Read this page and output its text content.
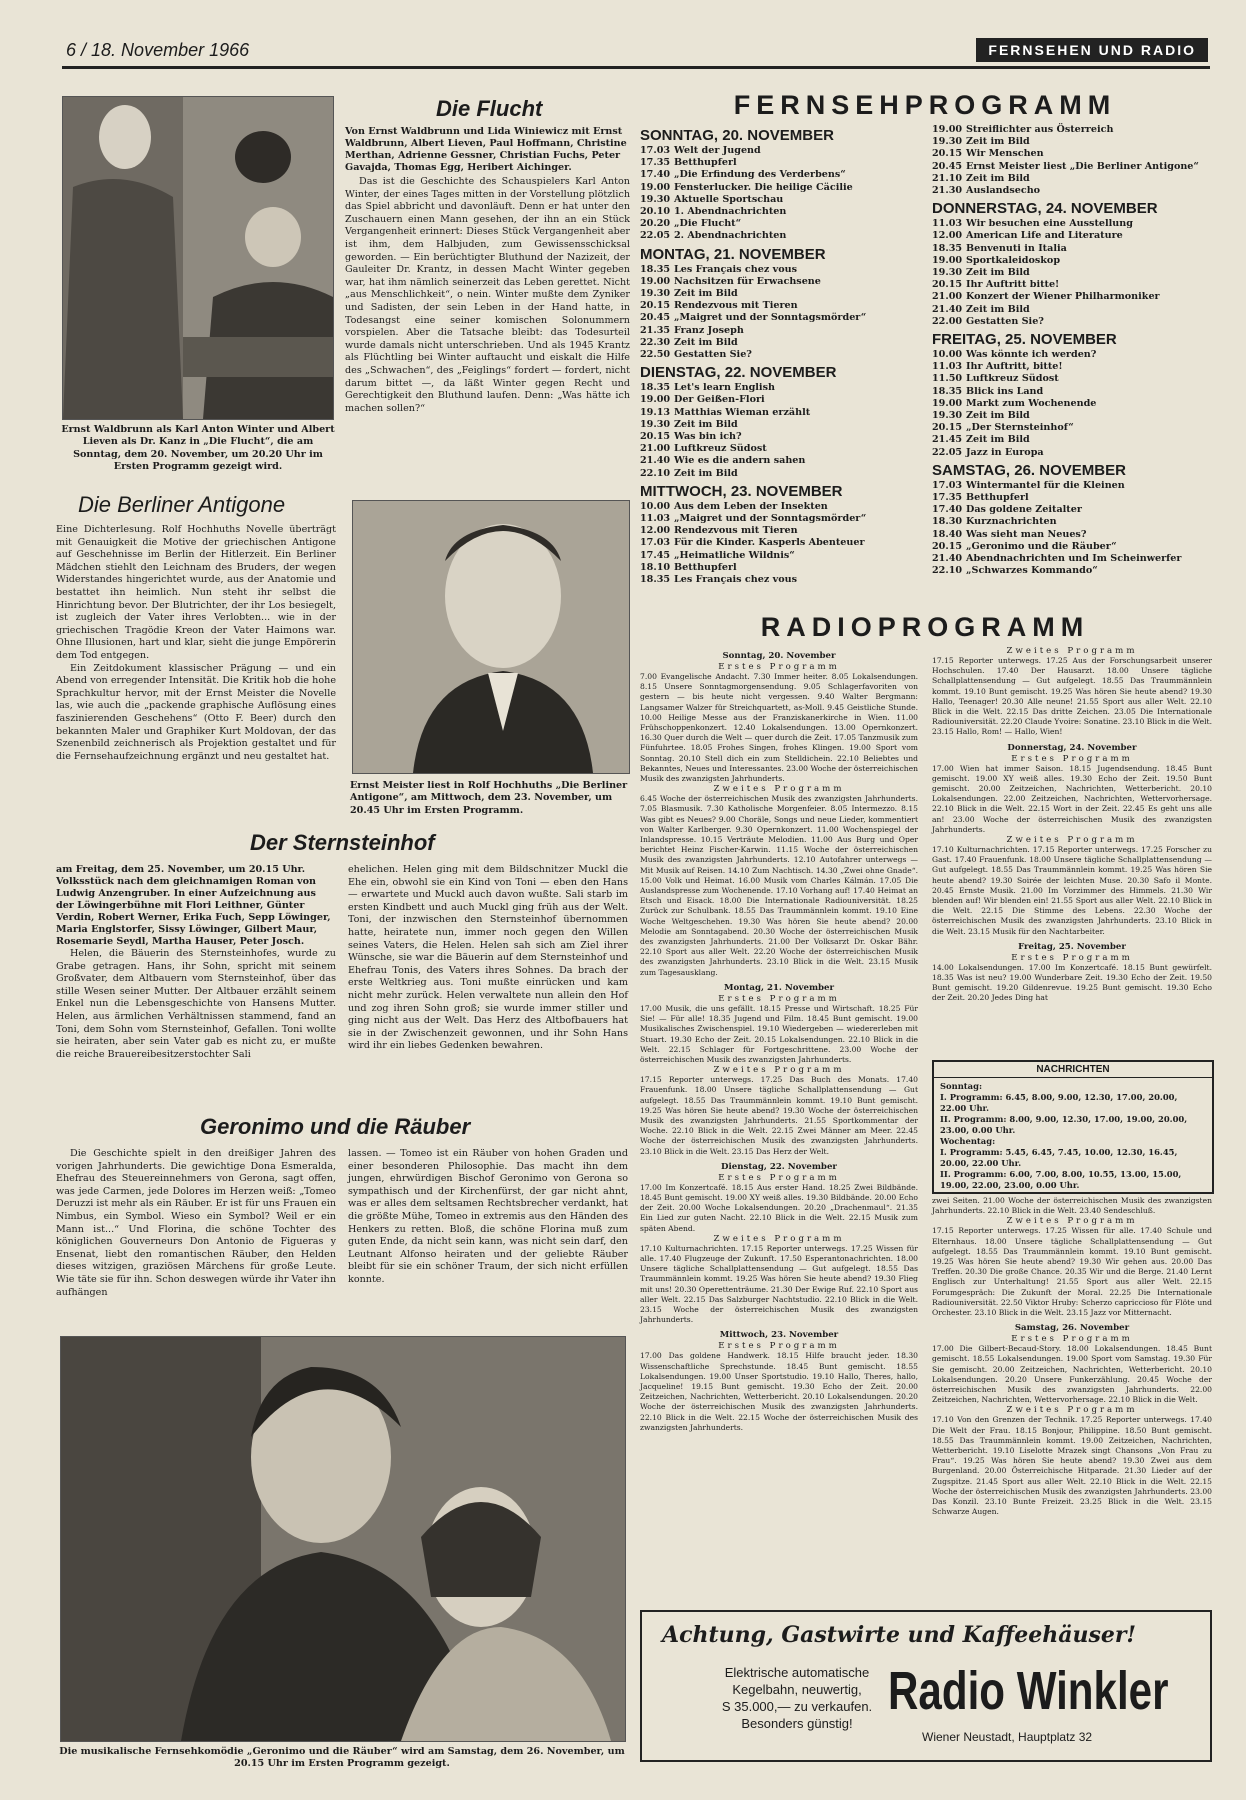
6 / 18. November 1966	FERNSEHEN UND RADIO
Ernst Waldbrunn als Karl Anton Winter und Albert Lieven als Dr. Kanz in „Die Flucht“, die am Sonntag, dem 20. November, um 20.20 Uhr im Ersten Programm gezeigt wird.
Die Flucht

Von Ernst Waldbrunn und Lida Winiewicz mit Ernst Waldbrunn, Albert Lieven, Paul Hoffmann, Christine Merthan, Adrienne Gessner, Christian Fuchs, Peter Gavajda, Thomas Egg, Heribert Aichinger.

Das ist die Geschichte des Schauspielers Karl Anton Winter, der eines Tages mitten in der Vorstellung plötzlich das Spiel abbricht und davonläuft. Denn er hat unter den Zuschauern einen Mann gesehen, der ihn an ein Stück Vergangenheit erinnert: Dieses Stück Vergangenheit aber ist ihm, dem Halbjuden, zum Gewissensschicksal geworden. — Ein berüchtigter Bluthund der Nazizeit, der Gauleiter Dr. Krantz, in dessen Macht Winter gegeben war, hat ihm nämlich seinerzeit das Leben gerettet. Nicht „aus Menschlichkeit“, o nein. Winter mußte dem Zyniker und Sadisten, der sein Leben in der Hand hatte, in Todesangst eine seiner komischen Solonummern vorspielen. Aber die Tatsache bleibt: das Todesurteil wurde damals nicht unterschrieben. Und als 1945 Krantz als Flüchtling bei Winter auftaucht und eiskalt die Hilfe des „Schwachen“, des „Feiglings“ fordert — fordert, nicht darum bittet —, da läßt Winter gegen Recht und Gerechtigkeit den Bluthund laufen. Denn: „Was hätte ich machen sollen?“

Die Berliner Antigone

Eine Dichterlesung. Rolf Hochhuths Novelle überträgt mit Genauigkeit die Motive der griechischen Antigone auf Geschehnisse im Berlin der Hitlerzeit. Ein Berliner Mädchen stiehlt den Leichnam des Bruders, der wegen Widerstandes hingerichtet wurde, aus der Anatomie und bestattet ihn heimlich. Nun steht ihr selbst die Hinrichtung bevor. Der Blutrichter, der ihr Los besiegelt, ist zugleich der Vater ihres Verlobten... wie in der griechischen Tragödie Kreon der Vater Haimons war. Ohne Illusionen, hart und klar, sieht die junge Empörerin dem Tod entgegen.

Ein Zeitdokument klassischer Prägung — und ein Abend von erregender Intensität. Die Kritik hob die hohe Sprachkultur hervor, mit der Ernst Meister die Novelle las, wie auch die „packende graphische Auflösung eines faszinierenden Geschehens“ (Otto F. Beer) durch den bekannten Maler und Graphiker Kurt Moldovan, der das Szenenbild zeichnerisch als Projektion gestaltet und für die Fernsehaufzeichnung ergänzt und neu gestaltet hat.

Ernst Meister liest in Rolf Hochhuths „Die Berliner Antigone“, am Mittwoch, dem 23. November, um 20.45 Uhr im Ersten Programm.
Der Sternsteinhof

am Freitag, dem 25. November, um 20.15 Uhr. Volksstück nach dem gleichnamigen Roman von Ludwig Anzengruber. In einer Aufzeichnung aus der Löwingerbühne mit Flori Leithner, Günter Verdin, Robert Werner, Erika Fuch, Sepp Löwinger, Maria Englstorfer, Sissy Löwinger, Gilbert Maur, Rosemarie Seydl, Martha Hauser, Peter Josch.

Helen, die Bäuerin des Sternsteinhofes, wurde zu Grabe getragen. Hans, ihr Sohn, spricht mit seinem Großvater, dem Altbauern vom Sternsteinhof, über das stille Wesen seiner Mutter. Der Altbauer erzählt seinem Enkel nun die Lebensgeschichte von Hansens Mutter. Helen, aus ärmlichen Verhältnissen stammend, fand an Toni, dem Sohn vom Sternsteinhof, Gefallen. Toni wollte sie heiraten, aber sein Vater gab es nicht zu, er mußte die reiche Brauereibesitzerstochter Sali

ehelichen. Helen ging mit dem Bildschnitzer Muckl die Ehe ein, obwohl sie ein Kind von Toni — eben den Hans — erwartete und Muckl auch davon wußte. Sali starb im ersten Kindbett und auch Muckl ging früh aus der Welt. Toni, der inzwischen den Sternsteinhof übernommen hatte, heiratete nun, immer noch gegen den Willen seines Vaters, die Helen. Helen sah sich am Ziel ihrer Wünsche, sie war die Bäuerin auf dem Sternsteinhof und Ehefrau Tonis, des Vaters ihres Sohnes. Da brach der erste Weltkrieg aus. Toni mußte einrücken und kam nicht mehr zurück. Helen verwaltete nun allein den Hof und zog ihren Sohn groß; sie wurde immer stiller und ging nicht aus der Welt. Das Herz des Altbofbauers hat sie in der Zwischenzeit gewonnen, und ihr Sohn Hans wird ihr ein liebes Gedenken bewahren.

Geronimo und die Räuber

Die Geschichte spielt in den dreißiger Jahren des vorigen Jahrhunderts. Die gewichtige Dona Esmeralda, Ehefrau des Steuereinnehmers von Gerona, sagt offen, was jede Carmen, jede Dolores im Herzen weiß: „Tomeo Deruzzi ist mehr als ein Räuber. Er ist für uns Frauen ein Nimbus, ein Symbol. Wieso ein Symbol? Weil er ein Mann ist...“ Und Florina, die schöne Tochter des königlichen Gouverneurs Don Antonio de Figueras y Ensenat, liebt den romantischen Räuber, den Helden dieses witzigen, graziösen Märchens für große Leute. Wie täte sie für ihn. Schon deswegen würde ihr Vater ihn aufhängen

lassen. — Tomeo ist ein Räuber von hohen Graden und einer besonderen Philosophie. Das macht ihn dem jungen, ehrwürdigen Bischof Geronimo von Gerona so sympathisch und der Kirchenfürst, der gar nicht ahnt, was er alles dem seltsamen Rechtsbrecher verdankt, hat die größte Mühe, Tomeo in extremis aus den Händen des Henkers zu retten. Bloß, die schöne Florina muß zum guten Ende, da nicht sein kann, was nicht sein darf, den Leutnant Alfonso heiraten und der geliebte Räuber bleibt für sie ein schöner Traum, der sich nicht erfüllen konnte.

Die musikalische Fernsehkomödie „Geronimo und die Räuber“ wird am Samstag, dem 26. November, um 20.15 Uhr im Ersten Programm gezeigt.
FERNSEHPROGRAMM
SONNTAG, 20. NOVEMBER
17.03 Welt der Jugend
17.35 Betthupferl
17.40 „Die Erfindung des Verderbens“
19.00 Fensterlucker. Die heilige Cäcilie
19.30 Aktuelle Sportschau
20.10 1. Abendnachrichten
20.20 „Die Flucht“
22.05 2. Abendnachrichten
MONTAG, 21. NOVEMBER
18.35 Les Français chez vous
19.00 Nachsitzen für Erwachsene
19.30 Zeit im Bild
20.15 Rendezvous mit Tieren
20.45 „Maigret und der Sonntagsmörder“
21.35 Franz Joseph
22.30 Zeit im Bild
22.50 Gestatten Sie?
DIENSTAG, 22. NOVEMBER
18.35 Let's learn English
19.00 Der Geißen-Flori
19.13 Matthias Wieman erzählt
19.30 Zeit im Bild
20.15 Was bin ich?
21.00 Luftkreuz Südost
21.40 Wie es die andern sahen
22.10 Zeit im Bild
MITTWOCH, 23. NOVEMBER
10.00 Aus dem Leben der Insekten
11.03 „Maigret und der Sonntagsmörder“
12.00 Rendezvous mit Tieren
17.03 Für die Kinder. Kasperls Abenteuer
17.45 „Heimatliche Wildnis“
18.10 Betthupferl
18.35 Les Français chez vous
19.00 Streiflichter aus Österreich
19.30 Zeit im Bild
20.15 Wir Menschen
20.45 Ernst Meister liest „Die Berliner Antigone“
21.10 Zeit im Bild
21.30 Auslandsecho
DONNERSTAG, 24. NOVEMBER
11.03 Wir besuchen eine Ausstellung
12.00 American Life and Literature
18.35 Benvenuti in Italia
19.00 Sportkaleidoskop
19.30 Zeit im Bild
20.15 Ihr Auftritt bitte!
21.00 Konzert der Wiener Philharmoniker
21.40 Zeit im Bild
22.00 Gestatten Sie?
FREITAG, 25. NOVEMBER
10.00 Was könnte ich werden?
11.03 Ihr Auftritt, bitte!
11.50 Luftkreuz Südost
18.35 Blick ins Land
19.00 Markt zum Wochenende
19.30 Zeit im Bild
20.15 „Der Sternsteinhof“
21.45 Zeit im Bild
22.05 Jazz in Europa
SAMSTAG, 26. NOVEMBER
17.03 Wintermantel für die Kleinen
17.35 Betthupferl
17.40 Das goldene Zeitalter
18.30 Kurznachrichten
18.40 Was sieht man Neues?
20.15 „Geronimo und die Räuber“
21.40 Abendnachrichten und Im Scheinwerfer
22.10 „Schwarzes Kommando“
RADIOPROGRAMM
Sonntag, 20. November
Erstes Programm

7.00 Evangelische Andacht. 7.30 Immer heiter. 8.05 Lokalsendungen. 8.15 Unsere Sonntagmorgensendung. 9.05 Schlagerfavoriten von gestern — bis heute nicht vergessen. 9.40 Walter Bergmann: Langsamer Walzer für Streichquartett, as-Moll. 9.45 Geistliche Stunde. 10.00 Heilige Messe aus der Franziskanerkirche in Wien. 11.00 Frühschoppenkonzert. 12.40 Lokalsendungen. 13.00 Opernkonzert. 16.30 Quer durch die Welt — quer durch die Zeit. 17.05 Tanzmusik zum Fünfuhrtee. 18.05 Frohes Singen, frohes Klingen. 19.00 Sport vom Sonntag. 20.10 Stell dich ein zum Stelldichein. 22.10 Beliebtes und Bekanntes, Neues und Interessantes. 23.00 Woche der österreichischen Musik des zwanzigsten Jahrhunderts.

Zweites Programm

6.45 Woche der österreichischen Musik des zwanzigsten Jahrhunderts. 7.05 Blasmusik. 7.30 Katholische Morgenfeier. 8.05 Intermezzo. 8.15 Was gibt es Neues? 9.00 Choräle, Songs und neue Lieder, kommentiert von Walter Karlberger. 9.30 Opernkonzert. 11.00 Wochenspiegel der Inlandspresse. 10.15 Verträute Melodien. 11.00 Aus Burg und Oper berichtet Heinz Fischer-Karwin. 11.15 Woche der österreichischen Musik des zwanzigsten Jahrhunderts. 12.10 Autofahrer unterwegs — Mit Musik auf Reisen. 14.10 Zum Nachtisch. 14.30 „Zwei ohne Gnade“. 15.00 Volk und Heimat. 16.00 Musik vom Charles Kálmán. 17.05 Die Auslandspresse zum Wochenende. 17.10 Vorhang auf! 17.40 Heimat an Etsch und Eisack. 18.00 Die Internationale Radiouniversität. 18.25 Zurück zur Schulbank. 18.55 Das Traummännlein kommt. 19.10 Eine Woche Weltgeschehen. 19.30 Was hören Sie heute abend? 20.00 Melodie am Sonntagabend. 20.30 Woche der österreichischen Musik des zwanzigsten Jahrhunderts. 21.00 Der Volksarzt Dr. Oskar Bähr. 22.10 Sport aus aller Welt. 22.20 Woche der österreichischen Musik des zwanzigsten Jahrhunderts. 23.10 Blick in die Welt. 23.15 Musik zum Tagesausklang.

Montag, 21. November
Erstes Programm

17.00 Musik, die uns gefällt. 18.15 Presse und Wirtschaft. 18.25 Für Sie! — Für alle! 18.35 Jugend und Film. 18.45 Bunt gemischt. 19.00 Musikalisches Zwischenspiel. 19.10 Wiedergeben — wiedererleben mit Stuart. 19.30 Echo der Zeit. 20.15 Lokalsendungen. 22.10 Blick in die Welt. 22.15 Schlager für Fortgeschrittene. 23.00 Woche der österreichischen Musik des zwanzigsten Jahrhunderts.

Zweites Programm

17.15 Reporter unterwegs. 17.25 Das Buch des Monats. 17.40 Frauenfunk. 18.00 Unsere tägliche Schallplattensendung — Gut aufgelegt. 18.55 Das Traummännlein kommt. 19.10 Bunt gemischt. 19.25 Was hören Sie heute abend? 19.30 Woche der österreichischen Musik des zwanzigsten Jahrhunderts. 21.55 Sportkommentar der Woche. 22.10 Blick in die Welt. 22.15 Zwei Männer am Meer. 22.45 Woche der österreichischen Musik des zwanzigsten Jahrhunderts. 23.10 Blick in die Welt. 23.15 Das Herz der Welt.

Dienstag, 22. November
Erstes Programm

17.00 Im Konzertcafé. 18.15 Aus erster Hand. 18.25 Zwei Bildbände. 18.45 Bunt gemischt. 19.00 XY weiß alles. 19.30 Bildbände. 20.00 Echo der Zeit. 20.00 Woche Lokalsendungen. 20.20 „Drachenmaul“. 21.35 Ein Lied zur guten Nacht. 22.10 Blick in die Welt. 22.15 Musik zum späten Abend.

Zweites Programm

17.10 Kulturnachrichten. 17.15 Reporter unterwegs. 17.25 Wissen für alle. 17.40 Flugzeuge der Zukunft. 17.50 Esperantonachrichten. 18.00 Unsere tägliche Schallplattensendung — Gut aufgelegt. 18.55 Das Traummännlein kommt. 19.25 Was hören Sie heute abend? 19.30 Flieg mit uns! 20.30 Operettenträume. 21.30 Der Ewige Ruf. 22.10 Sport aus aller Welt. 22.15 Das Salzburger Nachtstudio. 22.10 Blick in die Welt. 23.15 Woche der österreichischen Musik des zwanzigsten Jahrhunderts.

Mittwoch, 23. November
Erstes Programm

17.00 Das goldene Handwerk. 18.15 Hilfe braucht jeder. 18.30 Wissenschaftliche Sprechstunde. 18.45 Bunt gemischt. 18.55 Lokalsendungen. 19.00 Unser Sportstudio. 19.10 Hallo, Theres, hallo, Jacqueline! 19.15 Bunt gemischt. 19.30 Echo der Zeit. 20.00 Zeitzeichen, Nachrichten, Wetterbericht. 20.10 Lokalsendungen. 20.20 Woche der österreichischen Musik des zwanzigsten Jahrhunderts. 22.10 Blick in die Welt. 22.15 Woche der österreichischen Musik des zwanzigsten Jahrhunderts.

Zweites Programm

17.15 Reporter unterwegs. 17.25 Aus der Forschungsarbeit unserer Hochschulen. 17.40 Der Hausarzt. 18.00 Unsere tägliche Schallplattensendung — Gut aufgelegt. 18.55 Das Traummännlein kommt. 19.10 Bunt gemischt. 19.25 Was hören Sie heute abend? 19.30 Hallo, Teenager! 20.30 Alle neune! 21.55 Sport aus aller Welt. 22.10 Blick in die Welt. 22.15 Das dritte Zeichen. 23.05 Die Internationale Radiouniversität. 22.20 Claude Yvoire: Sonatine. 23.10 Blick in die Welt. 23.15 Hallo, Rom! — Hallo, Wien!

Donnerstag, 24. November
Erstes Programm

17.00 Wien hat immer Saison. 18.15 Jugendsendung. 18.45 Bunt gemischt. 19.00 XY weiß alles. 19.30 Echo der Zeit. 19.50 Bunt gemischt. 20.00 Zeitzeichen, Nachrichten, Wetterbericht. 20.10 Lokalsendungen. 22.00 Zeitzeichen, Nachrichten, Wettervorhersage. 22.10 Blick in die Welt. 22.15 Wort in der Zeit. 22.45 Es geht uns alle an! 23.00 Woche der österreichischen Musik des zwanzigsten Jahrhunderts.

Zweites Programm

17.10 Kulturnachrichten. 17.15 Reporter unterwegs. 17.25 Forscher zu Gast. 17.40 Frauenfunk. 18.00 Unsere tägliche Schallplattensendung — Gut aufgelegt. 18.55 Das Traummännlein kommt. 19.25 Was hören Sie heute abend? 19.30 Soirée der leichten Muse. 20.30 Safo il Monte. 20.45 Ernste Musik. 21.00 Im Vorzimmer des Himmels. 21.30 Wir blenden auf! Wir blenden ein! 21.55 Sport aus aller Welt. 22.10 Blick in die Welt. 22.15 Die Stimme des Lebens. 22.30 Woche der österreichischen Musik des zwanzigsten Jahrhunderts. 23.10 Blick in die Welt. 23.15 Musik für den Nachtarbeiter.

Freitag, 25. November
Erstes Programm

14.00 Lokalsendungen. 17.00 Im Konzertcafé. 18.15 Bunt gewürfelt. 18.35 Was ist neu? 19.00 Wunderbare Zeit. 19.30 Echo der Zeit. 19.50 Bunt gemischt. 19.20 Gildenrevue. 19.25 Bunt gemischt. 19.30 Echo der Zeit. 20.20 Jedes Ding hat

NACHRICHTEN
Sonntag:
I. Programm: 6.45, 8.00, 9.00, 12.30, 17.00, 20.00, 22.00 Uhr.
II. Programm: 8.00, 9.00, 12.30, 17.00, 19.00, 20.00, 23.00, 0.00 Uhr.
Wochentag:
I. Programm: 5.45, 6.45, 7.45, 10.00, 12.30, 16.45, 20.00, 22.00 Uhr.
II. Programm: 6.00, 7.00, 8.00, 10.55, 13.00, 15.00, 19.00, 22.00, 23.00, 0.00 Uhr.

zwei Seiten. 21.00 Woche der österreichischen Musik des zwanzigsten Jahrhunderts. 22.10 Blick in die Welt. 23.40 Sendeschluß.

Zweites Programm

17.15 Reporter unterwegs. 17.25 Wissen für alle. 17.40 Schule und Elternhaus. 18.00 Unsere tägliche Schallplattensendung — Gut aufgelegt. 18.55 Das Traummännlein kommt. 19.10 Bunt gemischt. 19.25 Was hören Sie heute abend? 19.30 Wir gehen aus. 20.00 Das Treffen. 20.30 Die große Chance. 20.35 Wir und die Berge. 21.40 Lernt Englisch zur Unterhaltung! 21.55 Sport aus aller Welt. 22.15 Forumgespräch: Die Zukunft der Moral. 22.25 Die Internationale Radiouniversität. 22.50 Viktor Hruby: Scherzo capriccioso für Flöte und Orchester. 23.10 Blick in die Welt. 23.15 Jazz vor Mitternacht.

Samstag, 26. November
Erstes Programm

17.00 Die Gilbert-Becaud-Story. 18.00 Lokalsendungen. 18.45 Bunt gemischt. 18.55 Lokalsendungen. 19.00 Sport vom Samstag. 19.30 Für Sie gemischt. 20.00 Zeitzeichen, Nachrichten, Wetterbericht. 20.10 Lokalsendungen. 20.20 Unsere Funkerzählung. 20.45 Woche der österreichischen Musik des zwanzigsten Jahrhunderts. 22.00 Zeitzeichen, Nachrichten, Wettervorhersage. 22.10 Blick in die Welt.

Zweites Programm

17.10 Von den Grenzen der Technik. 17.25 Reporter unterwegs. 17.40 Die Welt der Frau. 18.15 Bonjour, Philippine. 18.50 Bunt gemischt. 18.55 Das Traummännlein kommt. 19.00 Zeitzeichen, Nachrichten, Wetterbericht. 19.10 Liselotte Mrazek singt Chansons „Von Frau zu Frau“. 19.25 Was hören Sie heute abend? 19.30 Zwei aus dem Burgenland. 20.00 Österreichische Hitparade. 21.30 Lieder auf der Zugspitze. 21.45 Sport aus aller Welt. 22.10 Blick in die Welt. 22.15 Woche der österreichischen Musik des zwanzigsten Jahrhunderts. 23.00 Das Konzil. 23.10 Bunte Freizeit. 23.25 Blick in die Welt. 23.15 Schwarze Augen.

Achtung, Gastwirte und Kaffeehäuser!
Elektrische automatische
Kegelbahn, neuwertig,
S 35.000,— zu verkaufen.
Besonders günstig!
Radio Winkler
Wiener Neustadt, Hauptplatz 32
